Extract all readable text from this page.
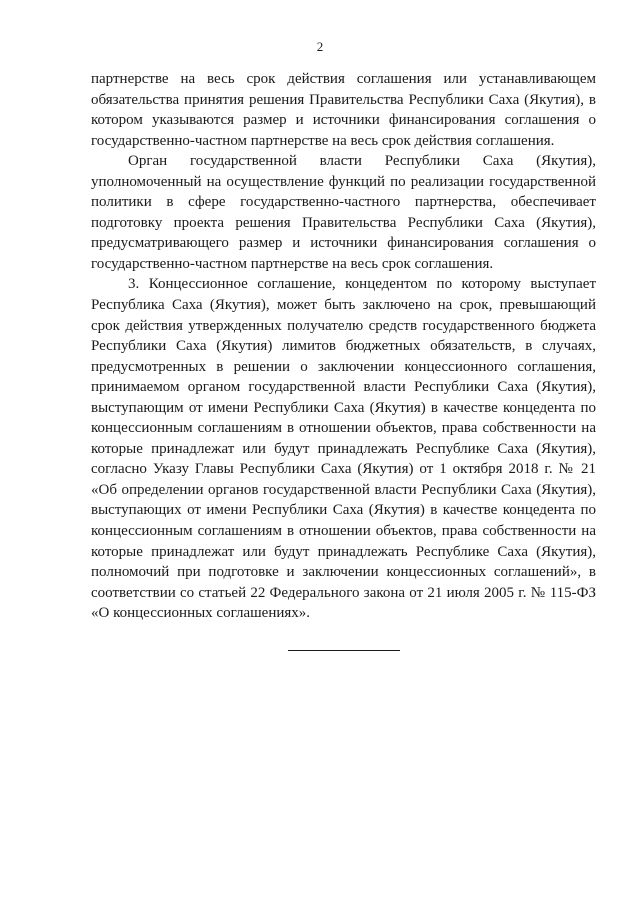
2

партнерстве на весь срок действия соглашения или устанавливающем обязательства принятия решения Правительства Республики Саха (Якутия), в котором указываются размер и источники финансирования соглашения о государственно-частном партнерстве на весь срок действия соглашения.

Орган государственной власти Республики Саха (Якутия), уполномоченный на осуществление функций по реализации государственной политики в сфере государственно-частного партнерства, обеспечивает подготовку проекта решения Правительства Республики Саха (Якутия), предусматривающего размер и источники финансирования соглашения о государственно-частном партнерстве на весь срок соглашения.

3. Концессионное соглашение, концедентом по которому выступает Республика Саха (Якутия), может быть заключено на срок, превышающий срок действия утвержденных получателю средств государственного бюджета Республики Саха (Якутия) лимитов бюджетных обязательств, в случаях, предусмотренных в решении о заключении концессионного соглашения, принимаемом органом государственной власти Республики Саха (Якутия), выступающим от имени Республики Саха (Якутия) в качестве концедента по концессионным соглашениям в отношении объектов, права собственности на которые принадлежат или будут принадлежать Республике Саха (Якутия), согласно Указу Главы Республики Саха (Якутия) от 1 октября 2018 г. № 21 «Об определении органов государственной власти Республики Саха (Якутия), выступающих от имени Республики Саха (Якутия) в качестве концедента по концессионным соглашениям в отношении объектов, права собственности на которые принадлежат или будут принадлежать Республике Саха (Якутия), полномочий при подготовке и заключении концессионных соглашений», в соответствии со статьей 22 Федерального закона от 21 июля 2005 г. № 115-ФЗ «О концессионных соглашениях».
